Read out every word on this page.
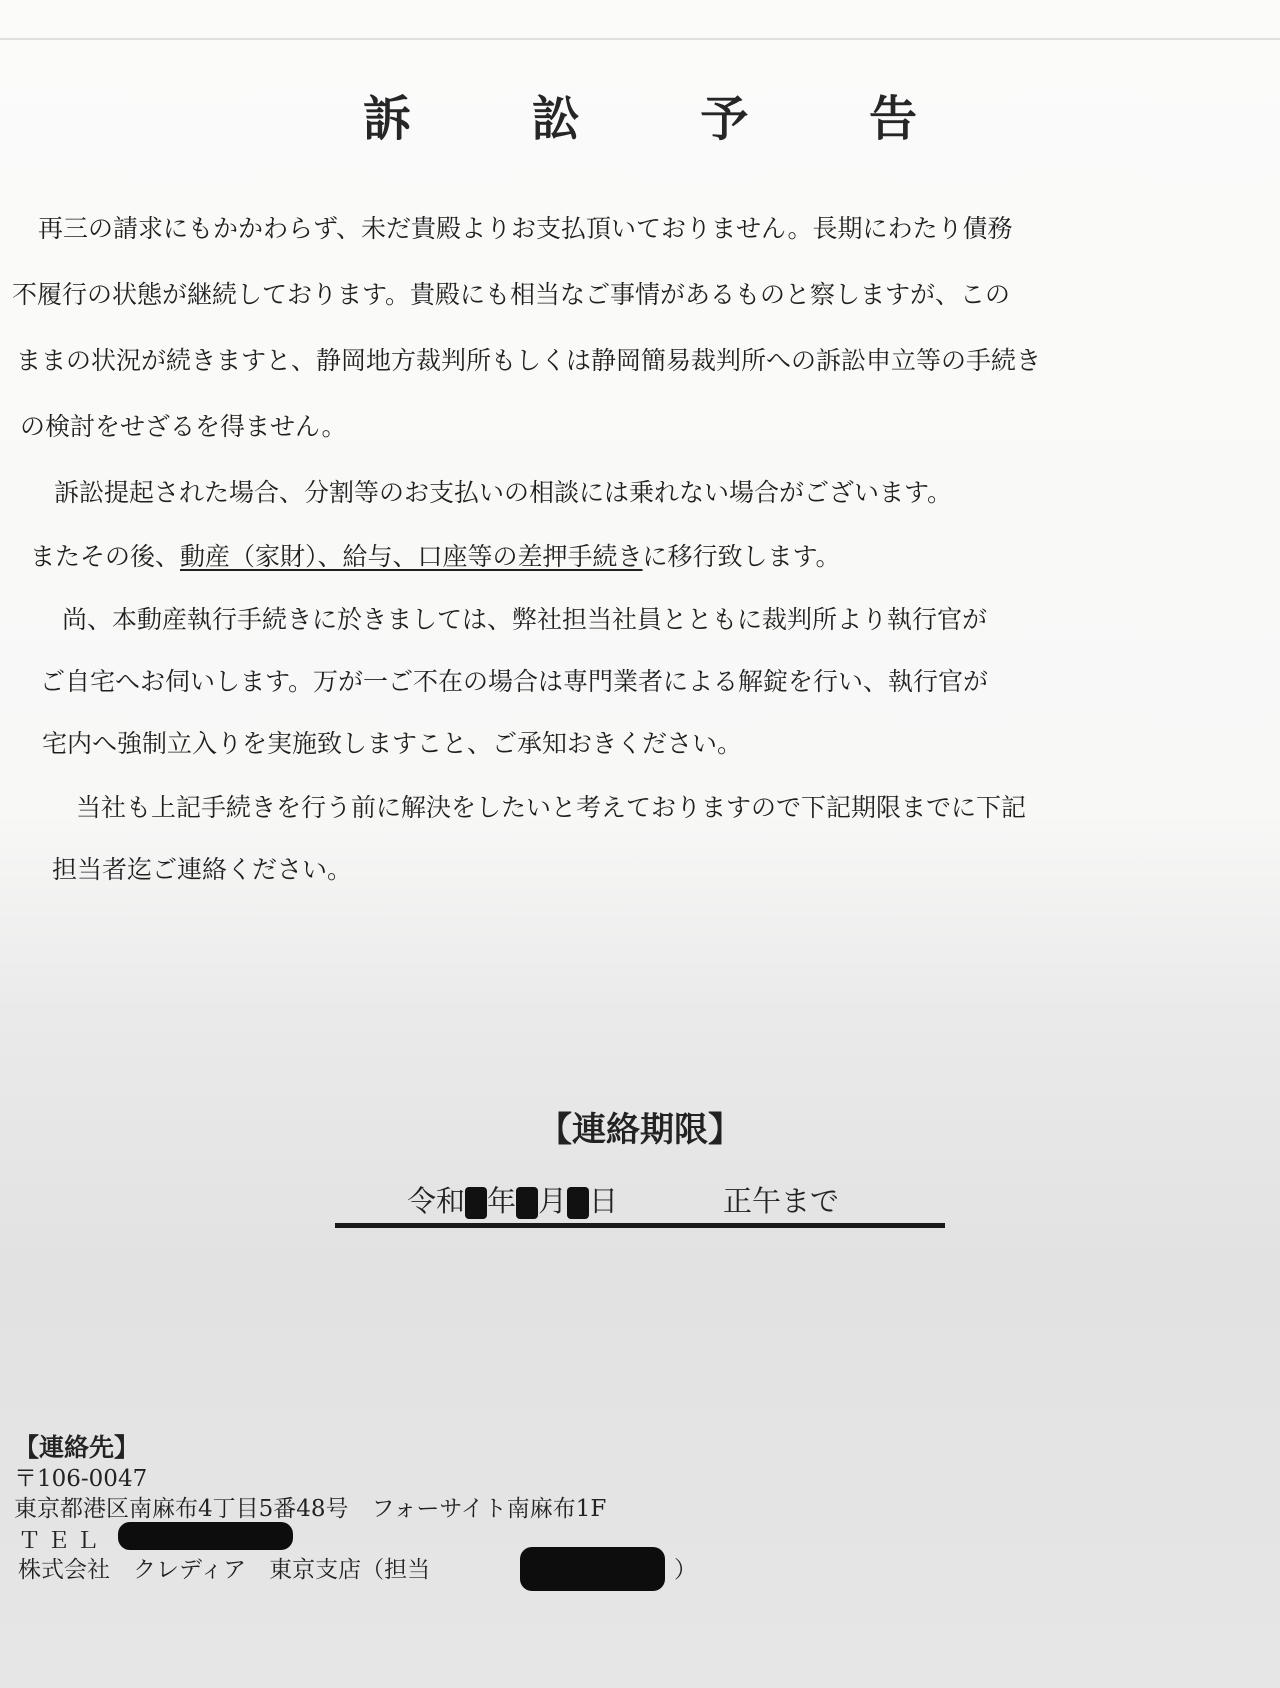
訴 訟 予 告
再三の請求にもかかわらず、未だ貴殿よりお支払頂いておりません。長期にわたり債務
不履行の状態が継続しております。貴殿にも相当なご事情があるものと察しますが、この
ままの状況が続きますと、静岡地方裁判所もしくは静岡簡易裁判所への訴訟申立等の手続き
の検討をせざるを得ません。
訴訟提起された場合、分割等のお支払いの相談には乗れない場合がございます。
またその後、動産（家財）、給与、口座等の差押手続きに移行致します。
尚、本動産執行手続きに於きましては、弊社担当社員とともに裁判所より執行官が
ご自宅へお伺いします。万が一ご不在の場合は専門業者による解錠を行い、執行官が
宅内へ強制立入りを実施致しますこと、ご承知おきください。
当社も上記手続きを行う前に解決をしたいと考えておりますので下記期限までに下記
担当者迄ご連絡ください。
【連絡期限】
令和 年 月 日	正午まで
【連絡先】
〒106-0047
東京都港区南麻布4丁目5番48号　フォーサイト南麻布1F
ＴＥＬ
株式会社　クレディア　東京支店（担当	）
